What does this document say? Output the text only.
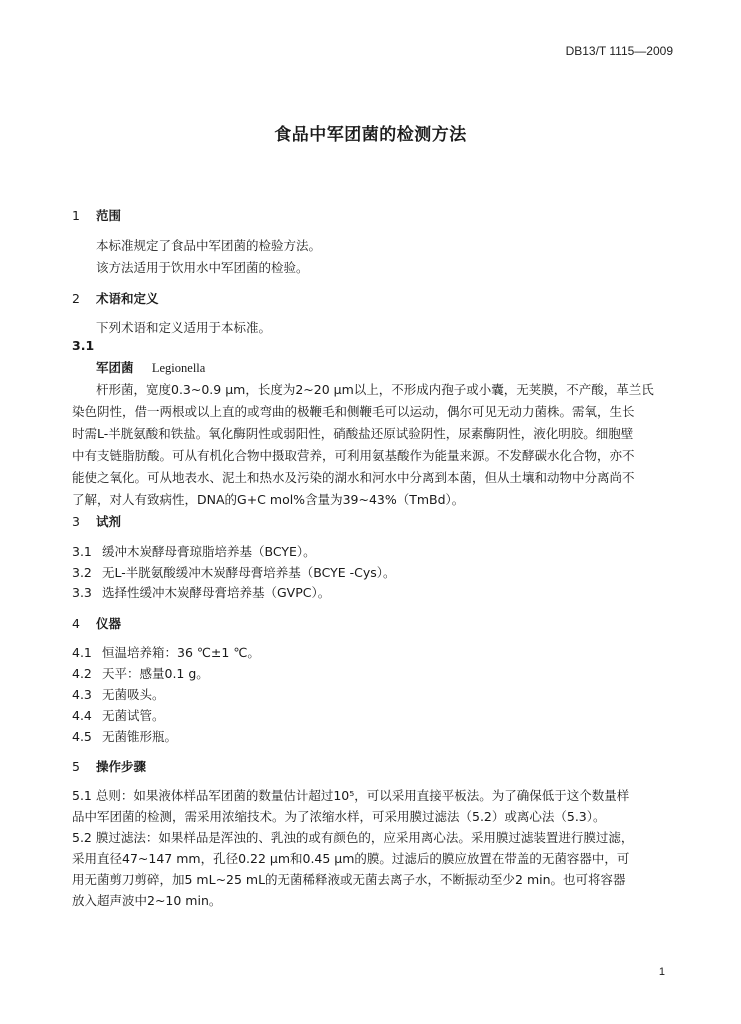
DB13/T 1115—2009
食品中军团菌的检测方法
1 范围
本标准规定了食品中军团菌的检验方法。
该方法适用于饮用水中军团菌的检验。
2 术语和定义
下列术语和定义适用于本标准。
3.1
军团菌 Legionella
杆形菌，宽度0.3~0.9 μm，长度为2~20 μm以上，不形成内孢子或小囊，无荚膜，不产酸，革兰氏
染色阴性，借一两根或以上直的或弯曲的极鞭毛和侧鞭毛可以运动，偶尔可见无动力菌株。需氧，生长
时需L-半胱氨酸和铁盐。氧化酶阴性或弱阳性，硝酸盐还原试验阴性，尿素酶阴性，液化明胶。细胞壁
中有支链脂肪酸。可从有机化合物中摄取营养，可利用氨基酸作为能量来源。不发酵碳水化合物，亦不
能使之氧化。可从地表水、泥土和热水及污染的湖水和河水中分离到本菌，但从土壤和动物中分离尚不
了解，对人有致病性，DNA的G+C mol%含量为39~43%（TmBd）。
3 试剂
3.1 缓冲木炭酵母膏琼脂培养基（BCYE）。
3.2 无L-半胱氨酸缓冲木炭酵母膏培养基（BCYE -Cys）。
3.3 选择性缓冲木炭酵母膏培养基（GVPC）。
4 仪器
4.1 恒温培养箱：36 ℃±1 ℃。
4.2 天平：感量0.1 g。
4.3 无菌吸头。
4.4 无菌试管。
4.5 无菌锥形瓶。
5 操作步骤
5.1 总则：如果液体样品军团菌的数量估计超过10⁵，可以采用直接平板法。为了确保低于这个数量样
品中军团菌的检测，需采用浓缩技术。为了浓缩水样，可采用膜过滤法（5.2）或离心法（5.3）。
5.2 膜过滤法：如果样品是浑浊的、乳浊的或有颜色的，应采用离心法。采用膜过滤装置进行膜过滤，
采用直径47~147 mm，孔径0.22 μm和0.45 μm的膜。过滤后的膜应放置在带盖的无菌容器中，可
用无菌剪刀剪碎，加5 mL~25 mL的无菌稀释液或无菌去离子水，不断振动至少2 min。也可将容器
放入超声波中2~10 min。
1
